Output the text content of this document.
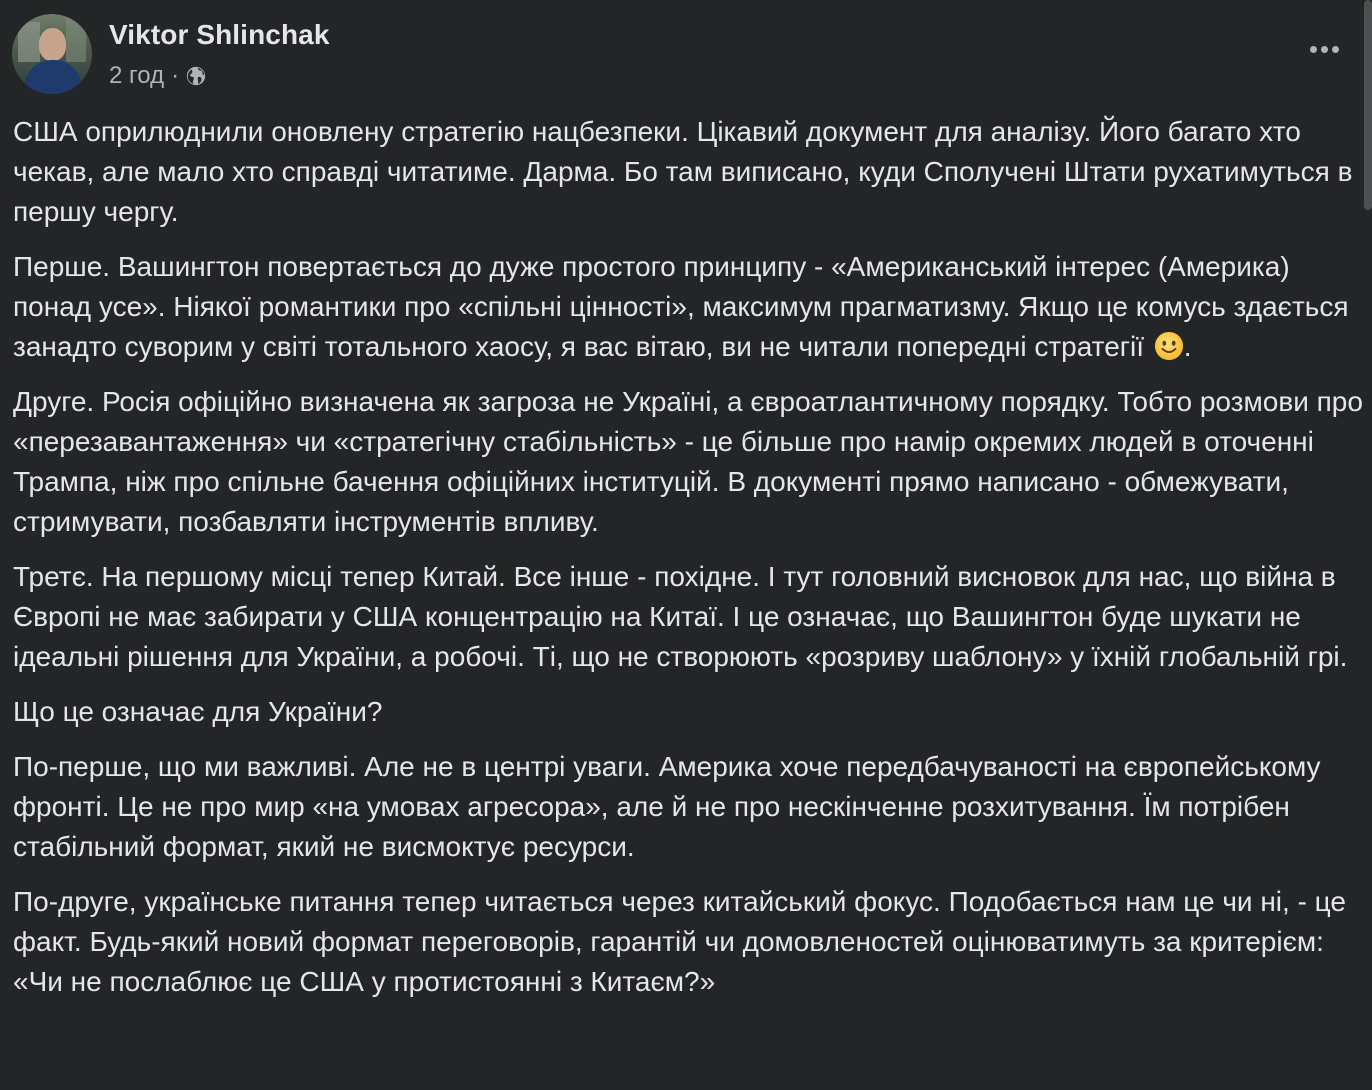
Viktor Shlinchak
2 год ·

США оприлюднили оновлену стратегію нацбезпеки. Цікавий документ для аналізу. Його багато хто чекав, але мало хто справді читатиме. Дарма. Бо там виписано, куди Сполучені Штати рухатимуться в першу чергу.

Перше. Вашингтон повертається до дуже простого принципу - «Американський інтерес (Америка) понад усе». Ніякої романтики про «спільні цінності», максимум прагматизму. Якщо це комусь здається занадто суворим у світі тотального хаосу, я вас вітаю, ви не читали попередні стратегії .

Друге. Росія офіційно визначена як загроза не Україні, а євроатлантичному порядку. Тобто розмови про «перезавантаження» чи «стратегічну стабільність» - це більше про намір окремих людей в оточенні Трампа, ніж про спільне бачення офіційних інституцій. В документі прямо написано - обмежувати, стримувати, позбавляти інструментів впливу.

Третє. На першому місці тепер Китай. Все інше - похідне. І тут головний висновок для нас, що війна в Європі не має забирати у США концентрацію на Китаї. І це означає, що Вашингтон буде шукати не ідеальні рішення для України, а робочі. Ті, що не створюють «розриву шаблону» у їхній глобальній грі.

Що це означає для України?

По-перше, що ми важливі. Але не в центрі уваги. Америка хоче передбачуваності на європейському фронті. Це не про мир «на умовах агресора», але й не про нескінченне розхитування. Їм потрібен стабільний формат, який не висмоктує ресурси.

По-друге, українське питання тепер читається через китайський фокус. Подобається нам це чи ні, - це факт. Будь-який новий формат переговорів, гарантій чи домовленостей оцінюватимуть за критерієм: «Чи не послаблює це США у протистоянні з Китаєм?»
